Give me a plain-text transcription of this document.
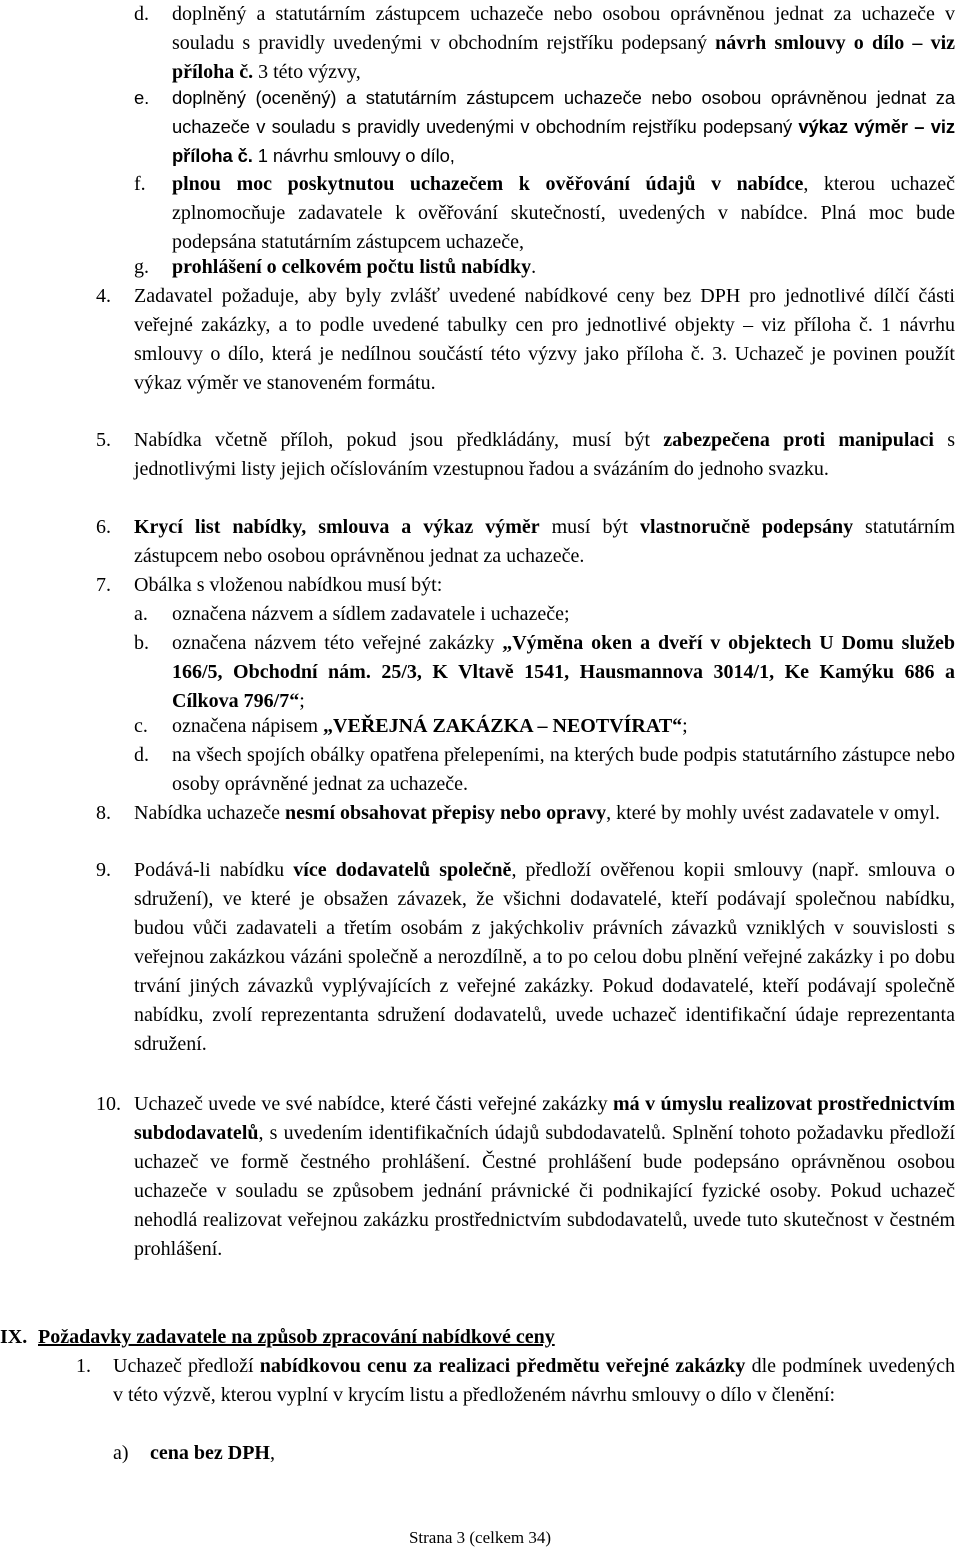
d. doplněný a statutárním zástupcem uchazeče nebo osobou oprávněnou jednat za uchazeče v souladu s pravidly uvedenými v obchodním rejstříku podepsaný návrh smlouvy o dílo – viz příloha č. 3 této výzvy,
e. doplněný (oceněný) a statutárním zástupcem uchazeče nebo osobou oprávněnou jednat za uchazeče v souladu s pravidly uvedenými v obchodním rejstříku podepsaný výkaz výměr – viz příloha č. 1 návrhu smlouvy o dílo,
f. plnou moc poskytnutou uchazečem k ověřování údajů v nabídce, kterou uchazeč zplnomocňuje zadavatele k ověřování skutečností, uvedených v nabídce. Plná moc bude podepsána statutárním zástupcem uchazeče,
g. prohlášení o celkovém počtu listů nabídky.
4. Zadavatel požaduje, aby byly zvlášť uvedené nabídkové ceny bez DPH pro jednotlivé dílčí části veřejné zakázky, a to podle uvedené tabulky cen pro jednotlivé objekty – viz příloha č. 1 návrhu smlouvy o dílo, která je nedílnou součástí této výzvy jako příloha č. 3. Uchazeč je povinen použít výkaz výměr ve stanoveném formátu.
5. Nabídka včetně příloh, pokud jsou předkládány, musí být zabezpečena proti manipulaci s jednotlivými listy jejich očíslováním vzestupnou řadou a svázáním do jednoho svazku.
6. Krycí list nabídky, smlouva a výkaz výměr musí být vlastnoručně podepsány statutárním zástupcem nebo osobou oprávněnou jednat za uchazeče.
7. Obálka s vloženou nabídkou musí být:
a. označena názvem a sídlem zadavatele i uchazeče;
b. označena názvem této veřejné zakázky „Výměna oken a dveří v objektech U Domu služeb 166/5, Obchodní nám. 25/3, K Vltavě 1541, Hausmannova 3014/1, Ke Kamýku 686 a Cílkova 796/7“;
c. označena nápisem „VEŘEJNÁ ZAKÁZKA – NEOTVÍRAT“;
d. na všech spojích obálky opatřena přelepeními, na kterých bude podpis statutárního zástupce nebo osoby oprávněné jednat za uchazeče.
8. Nabídka uchazeče nesmí obsahovat přepisy nebo opravy, které by mohly uvést zadavatele v omyl.
9. Podává-li nabídku více dodavatelů společně, předloží ověřenou kopii smlouvy (např. smlouva o sdružení), ve které je obsažen závazek, že všichni dodavatelé, kteří podávají společnou nabídku, budou vůči zadavateli a třetím osobám z jakýchkoliv právních závazků vzniklých v souvislosti s veřejnou zakázkou vázáni společně a nerozdílně, a to po celou dobu plnění veřejné zakázky i po dobu trvání jiných závazků vyplývajících z veřejné zakázky. Pokud dodavatelé, kteří podávají společně nabídku, zvolí reprezentanta sdružení dodavatelů, uvede uchazeč identifikační údaje reprezentanta sdružení.
10. Uchazeč uvede ve své nabídce, které části veřejné zakázky má v úmyslu realizovat prostřednictvím subdodavatelů, s uvedením identifikačních údajů subdodavatelů. Splnění tohoto požadavku předloží uchazeč ve formě čestného prohlášení. Čestné prohlášení bude podepsáno oprávněnou osobou uchazeče v souladu se způsobem jednání právnické či podnikající fyzické osoby. Pokud uchazeč nehodlá realizovat veřejnou zakázku prostřednictvím subdodavatelů, uvede tuto skutečnost v čestném prohlášení.
IX. Požadavky zadavatele na způsob zpracování nabídkové ceny
1. Uchazeč předloží nabídkovou cenu za realizaci předmětu veřejné zakázky dle podmínek uvedených v této výzvě, kterou vyplní v krycím listu a předloženém návrhu smlouvy o dílo v členění:
a) cena bez DPH,
Strana 3 (celkem 34)
